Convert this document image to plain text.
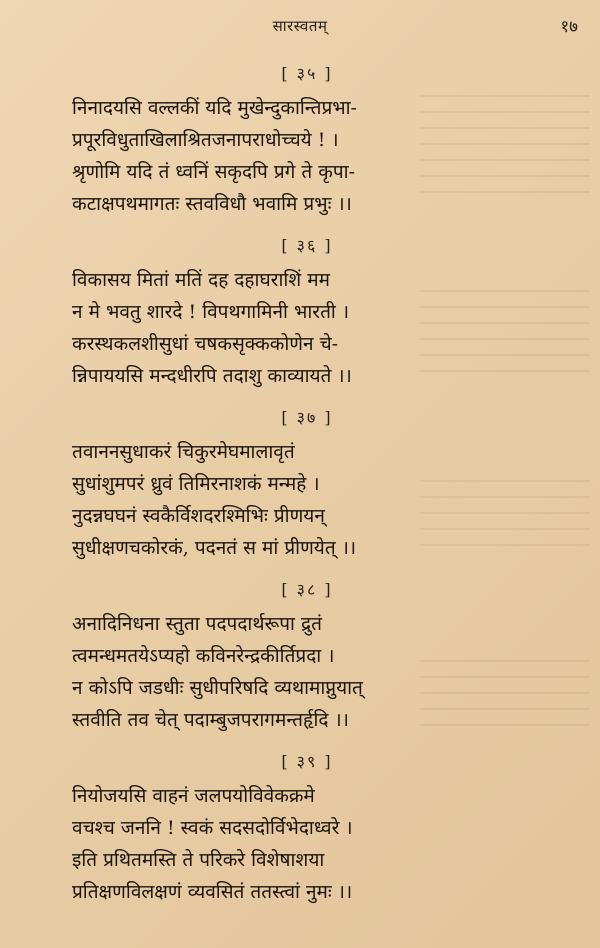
सारस्वतम्	१७
[ ३५ ]
निनादयसि वल्लकीं यदि मुखेन्दुकान्तिप्रभा-
प्रपूरविधुताखिलाश्रितजनापराधोच्चये ! ।
श्रृणोमि यदि तं ध्वनिं सकृदपि प्रगे ते कृपा-
कटाक्षपथमागतः स्तवविधौ भवामि प्रभुः ।।
[ ३६ ]
विकासय मितां मतिं दह दहाघराशिं मम
न मे भवतु शारदे ! विपथगामिनी भारती ।
करस्थकलशीसुधां चषकसृक्ककोणेन चे-
न्निपाययसि मन्दधीरपि तदाशु काव्यायते ।।
[ ३७ ]
तवाननसुधाकरं चिकुरमेघमालावृतं
सुधांशुमपरं ध्रुवं तिमिरनाशकं मन्महे ।
नुदन्नघघनं स्वकैर्विशदरश्मिभिः प्रीणयन्
सुधीक्षणचकोरकं, पदनतं स मां प्रीणयेत् ।।
[ ३८ ]
अनादिनिधना स्तुता पदपदार्थरूपा द्रुतं
त्वमन्धमतयेऽप्यहो कविनरेन्द्रकीर्तिप्रदा ।
न कोऽपि जडधीः सुधीपरिषदि व्यथामाप्नुयात्
स्तवीति तव चेत् पदाम्बुजपरागमन्तर्हृदि ।।
[ ३९ ]
नियोजयसि वाहनं जलपयोविवेकक्रमे
वचश्च जननि ! स्वकं सदसदोर्विभेदाध्वरे ।
इति प्रथितमस्ति ते परिकरे विशेषाशया
प्रतिक्षणविलक्षणं व्यवसितं ततस्त्वां नुमः ।।
